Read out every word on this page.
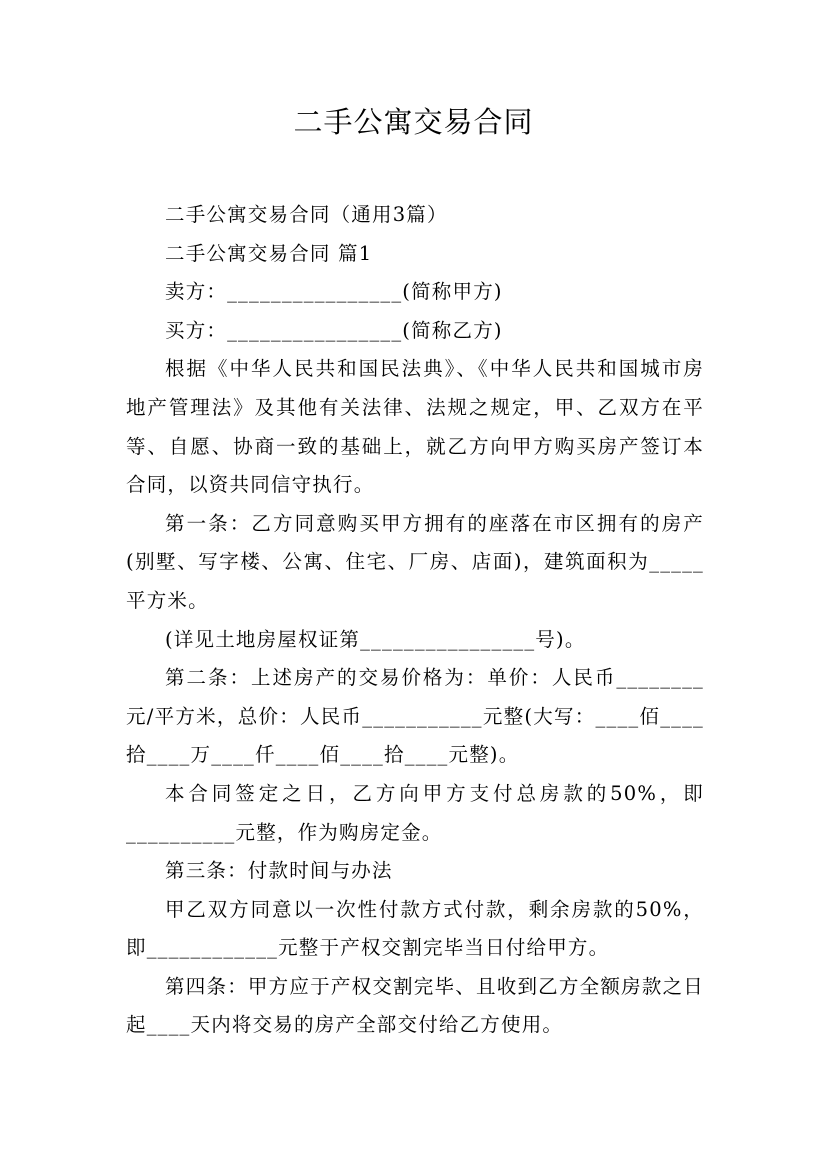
二手公寓交易合同

二手公寓交易合同（通用3篇）

二手公寓交易合同 篇1

卖方：________________(简称甲方)

买方：________________(简称乙方)

根据《中华人民共和国民法典》、《中华人民共和国城市房地产管理法》及其他有关法律、法规之规定，甲、乙双方在平等、自愿、协商一致的基础上，就乙方向甲方购买房产签订本合同，以资共同信守执行。

第一条：乙方同意购买甲方拥有的座落在市区拥有的房产(别墅、写字楼、公寓、住宅、厂房、店面)，建筑面积为_____平方米。

(详见土地房屋权证第________________号)。

第二条：上述房产的交易价格为：单价：人民币________元/平方米，总价：人民币___________元整(大写：____佰____拾____万____仟____佰____拾____元整)。

本合同签定之日，乙方向甲方支付总房款的50%，即__________元整，作为购房定金。

第三条：付款时间与办法

甲乙双方同意以一次性付款方式付款，剩余房款的50%，即____________元整于产权交割完毕当日付给甲方。

第四条：甲方应于产权交割完毕、且收到乙方全额房款之日起____天内将交易的房产全部交付给乙方使用。
